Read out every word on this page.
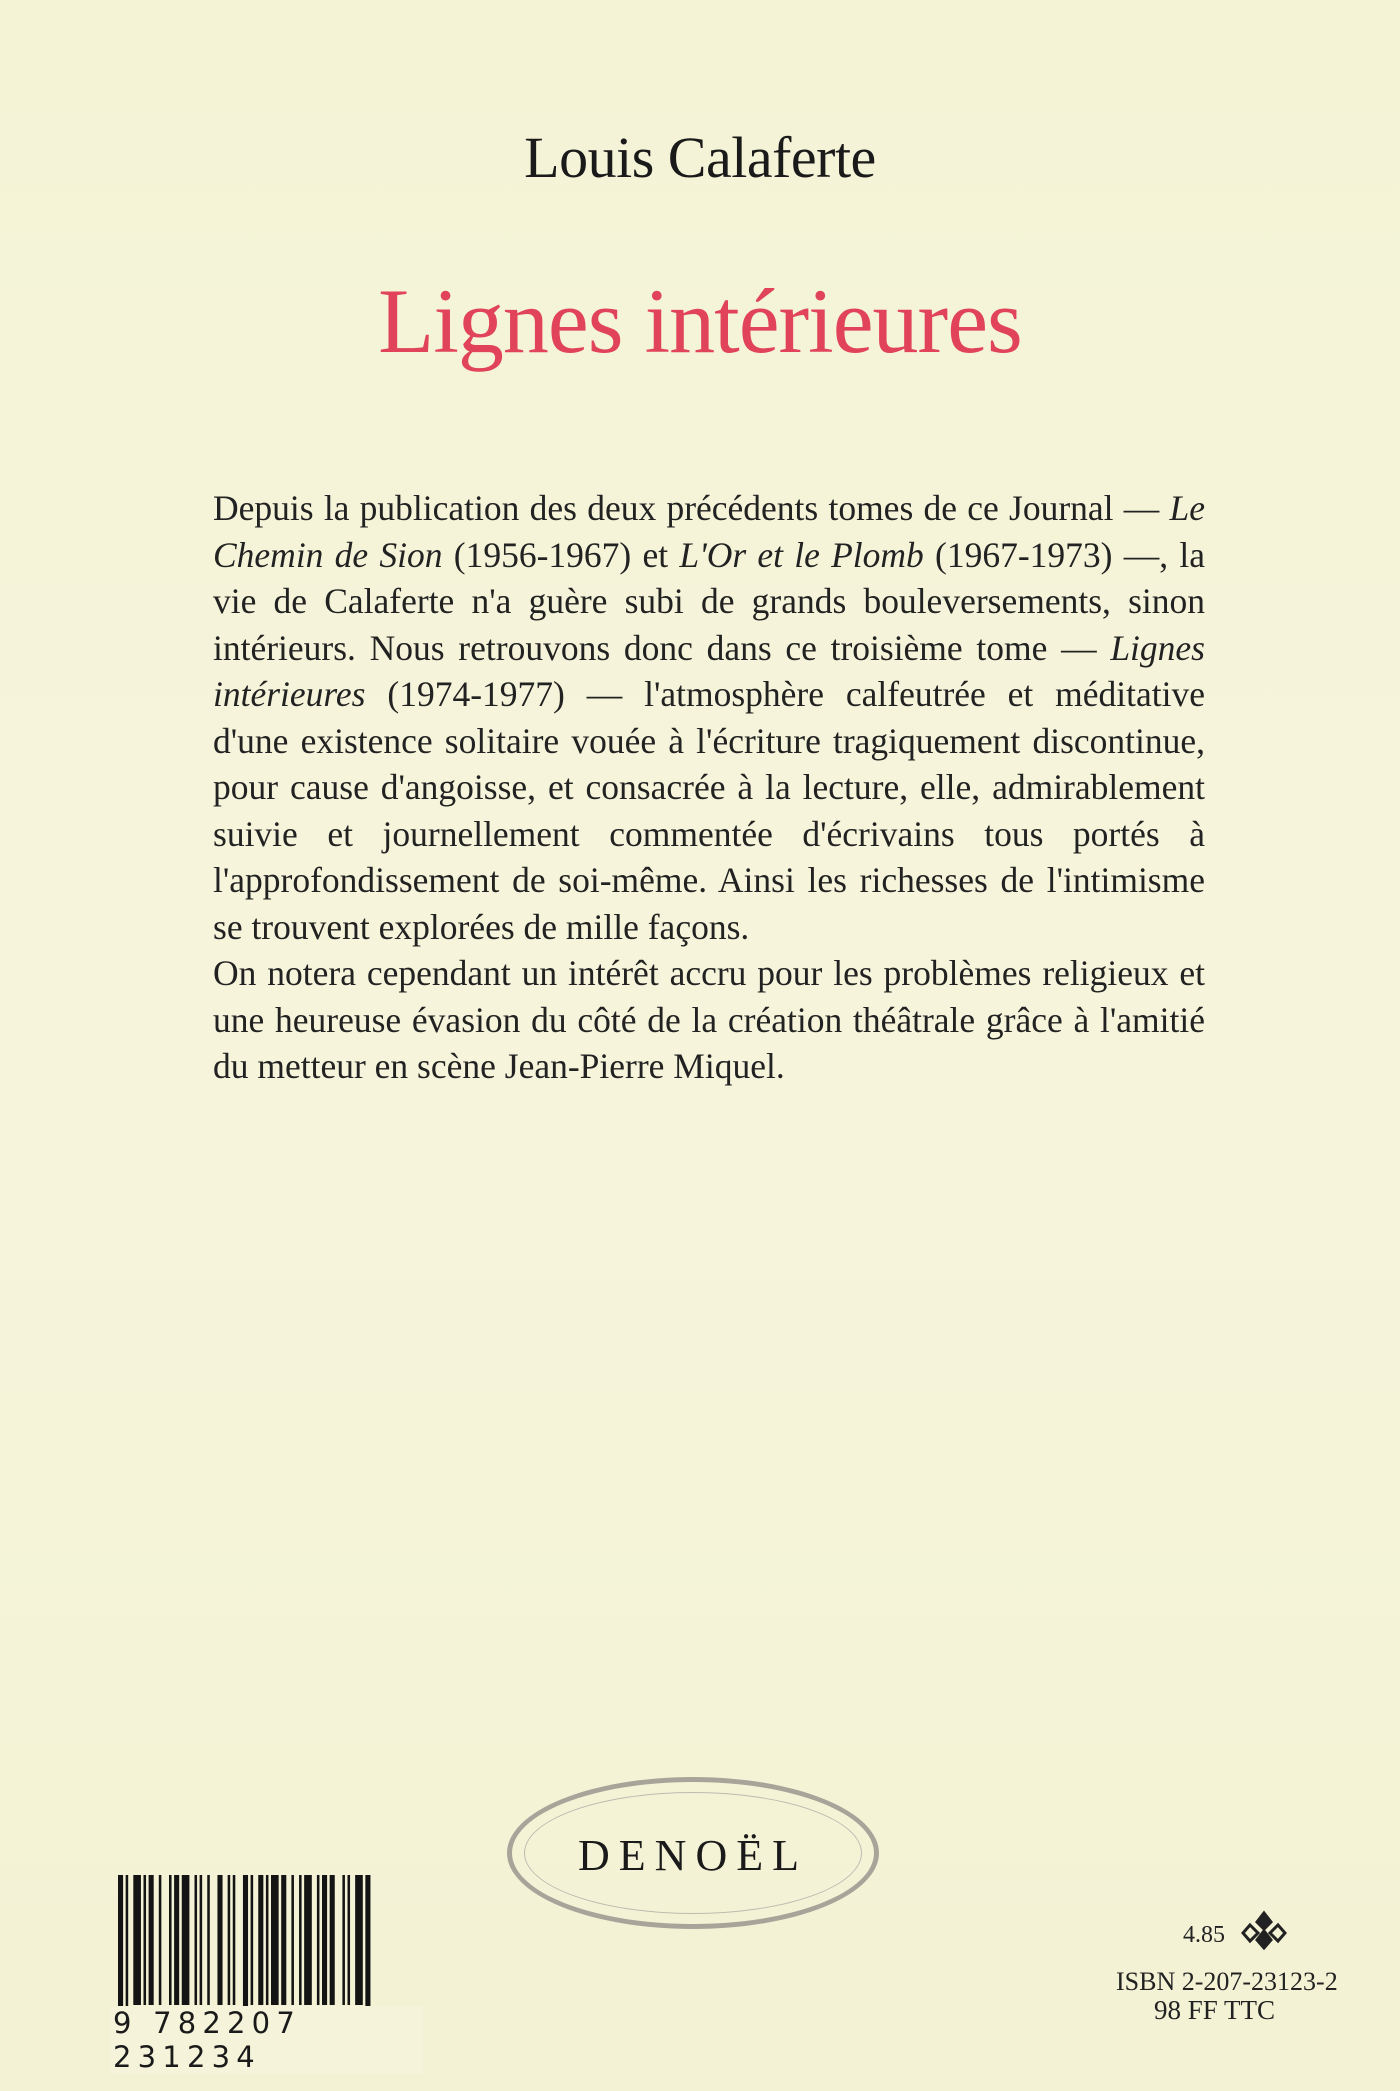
Louis Calaferte
Lignes intérieures

Depuis la publication des deux précédents tomes de ce Journal — Le Chemin de Sion (1956-1967) et L'Or et le Plomb (1967-1973) —, la vie de Calaferte n'a guère subi de grands bouleversements, sinon intérieurs. Nous retrouvons donc dans ce troisième tome — Lignes intérieures (1974-1977) — l'atmosphère calfeutrée et méditative d'une existence solitaire vouée à l'écriture tragiquement discontinue, pour cause d'angoisse, et consacrée à la lecture, elle, admirablement suivie et journellement commentée d'écrivains tous portés à l'approfondissement de soi-même. Ainsi les richesses de l'intimisme se trouvent explorées de mille façons.

On notera cependant un intérêt accru pour les problèmes religieux et une heureuse évasion du côté de la création théâtrale grâce à l'amitié du metteur en scène Jean-Pierre Miquel.

DENOËL
9 782207 231234
4.85
ISBN 2-207-23123-2
98 FF TTC
